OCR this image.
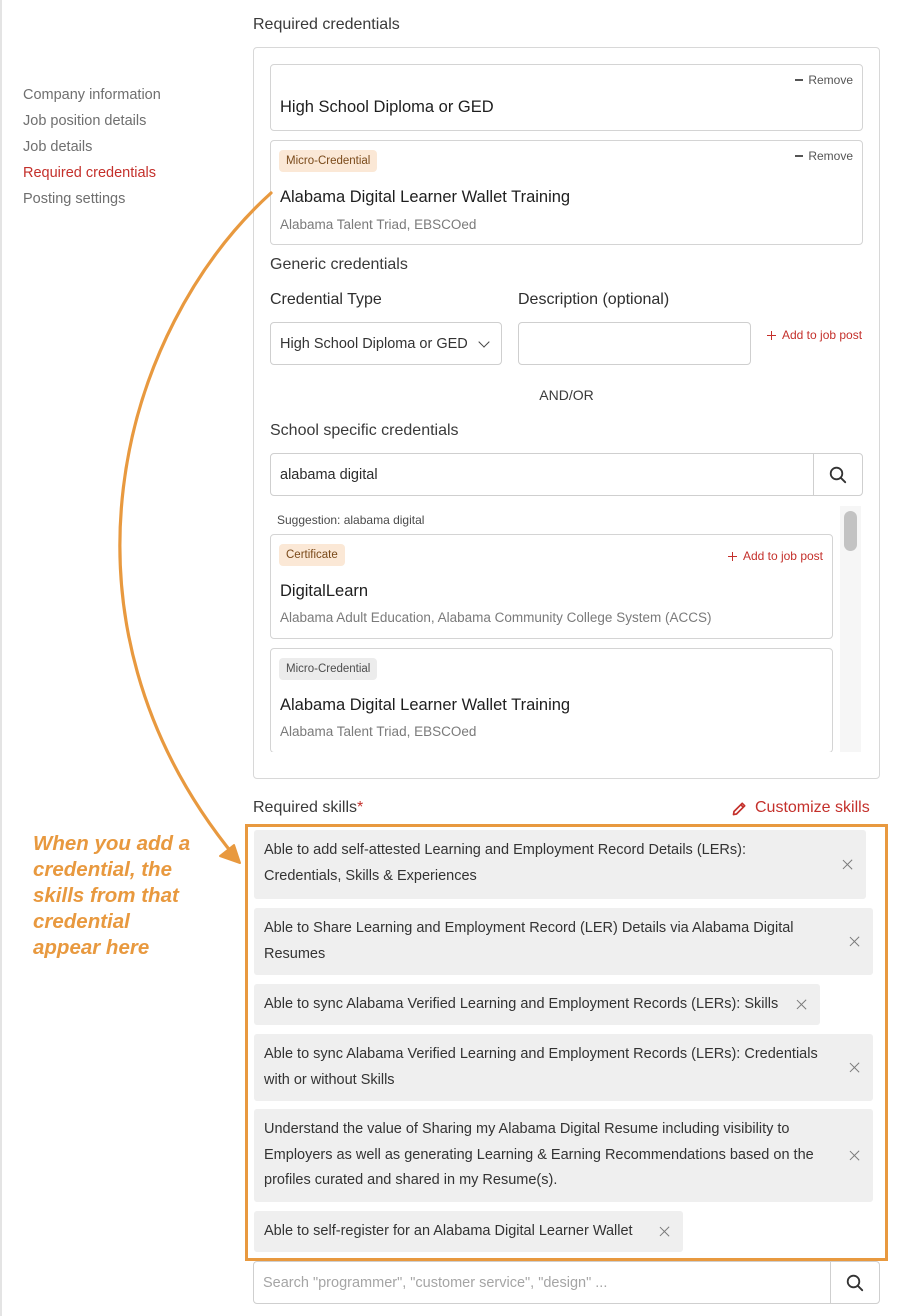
Company information
Job position details
Job details
Required credentials
Posting settings
Required credentials
Remove
High School Diploma or GED
Micro-Credential	Remove
Alabama Digital Learner Wallet Training
Alabama Talent Triad, EBSCOed
Generic credentials
Credential Type	Description (optional)
High School Diploma or GED
Add to job post
AND/OR
School specific credentials
alabama digital
Suggestion: alabama digital
Certificate	Add to job post
DigitalLearn
Alabama Adult Education, Alabama Community College System (ACCS)
Micro-Credential
Alabama Digital Learner Wallet Training
Alabama Talent Triad, EBSCOed
Required skills*	Customize skills
Able to add self-attested Learning and Employment Record Details (LERs):
Credentials, Skills & Experiences
Able to Share Learning and Employment Record (LER) Details via Alabama Digital
Resumes
Able to sync Alabama Verified Learning and Employment Records (LERs): Skills
Able to sync Alabama Verified Learning and Employment Records (LERs): Credentials
with or without Skills
Understand the value of Sharing my Alabama Digital Resume including visibility to
Employers as well as generating Learning & Earning Recommendations based on the
profiles curated and shared in my Resume(s).
Able to self-register for an Alabama Digital Learner Wallet
When you add a
credential, the
skills from that
credential
appear here
Search "programmer", "customer service", "design" ...
